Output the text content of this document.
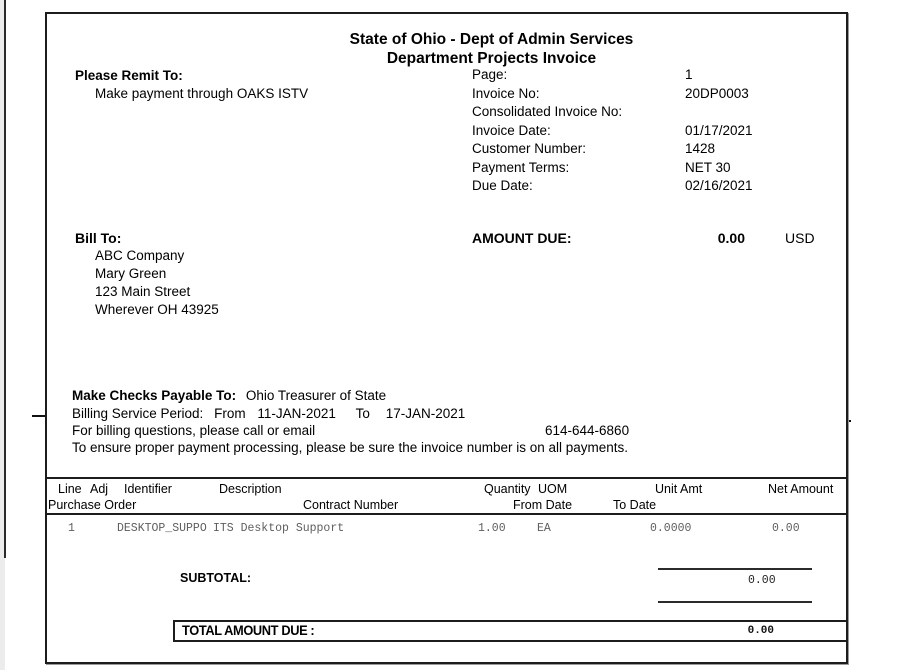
State of Ohio - Dept of Admin Services
Department Projects Invoice
Please Remit To:
Make payment through OAKS ISTV
Page:	1
Invoice No:	20DP0003
Consolidated Invoice No:
Invoice Date:	01/17/2021
Customer Number:	1428
Payment Terms:	NET 30
Due Date:	02/16/2021
Bill To:
ABC Company
Mary Green
123 Main Street
Wherever OH 43925
AMOUNT DUE:	0.00	USD
Make Checks Payable To: Ohio Treasurer of State
Billing Service Period: From 11-JAN-2021 To 17-JAN-2021
For billing questions, please call or email	614-644-6860
To ensure proper payment processing, please be sure the invoice number is on all payments.
Line Adj Identifier	Description	Quantity UOM	Unit Amt	Net Amount
Purchase Order	Contract Number	From Date	To Date
1	DESKTOP_SUPPO ITS Desktop Support	1.00	EA	0.0000	0.00
SUBTOTAL:	0.00
TOTAL AMOUNT DUE :	0.00
